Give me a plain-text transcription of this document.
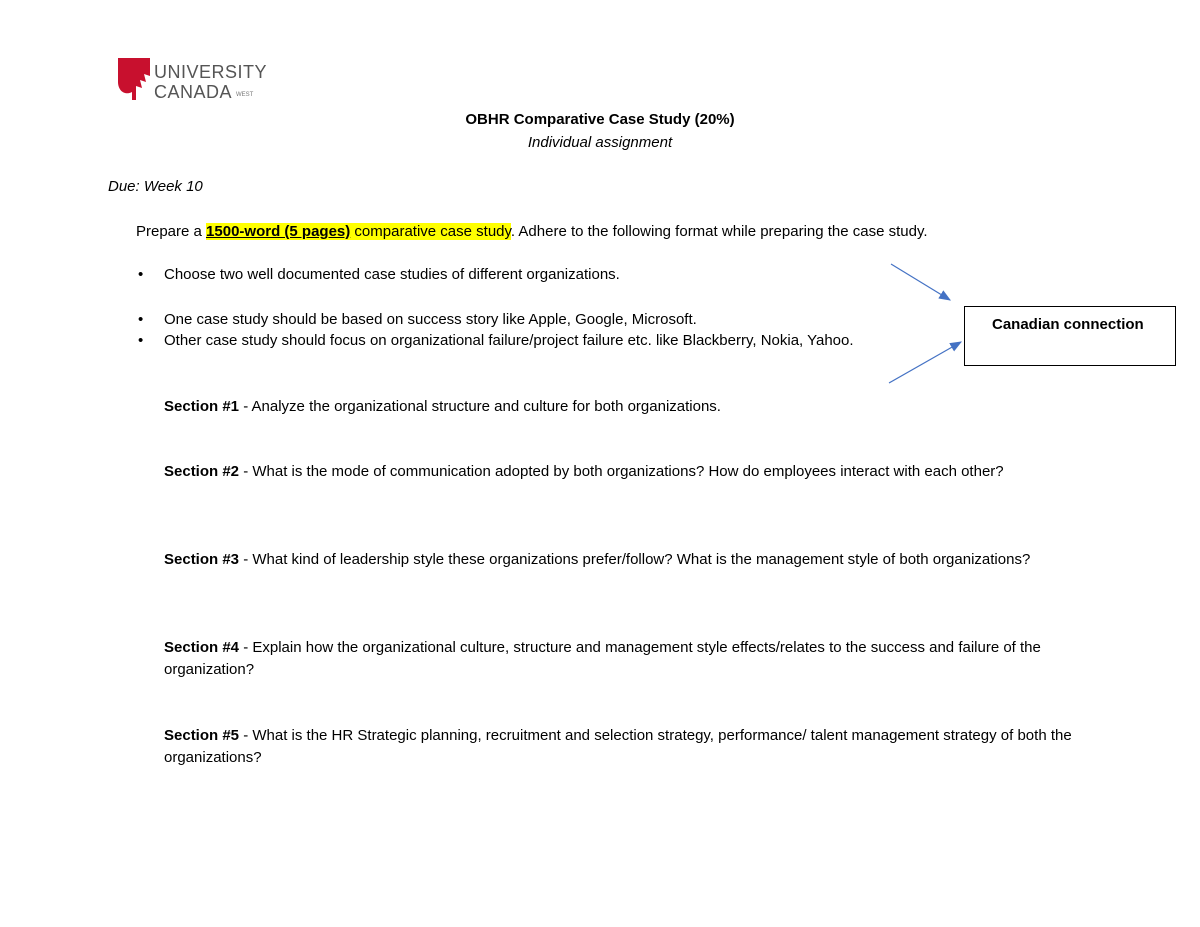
UNIVERSITY
CANADA WEST
OBHR Comparative Case Study (20%)
Individual assignment
Due: Week 10
Prepare a 1500-word (5 pages) comparative case study. Adhere to the following format while preparing the case study.
• Choose two well documented case studies of different organizations.
• One case study should be based on success story like Apple, Google, Microsoft.
• Other case study should focus on organizational failure/project failure etc. like Blackberry, Nokia, Yahoo.
Section #1 - Analyze the organizational structure and culture for both organizations.
Section #2 - What is the mode of communication adopted by both organizations? How do employees interact with each other?
Section #3 - What kind of leadership style these organizations prefer/follow? What is the management style of both organizations?
Section #4 - Explain how the organizational culture, structure and management style effects/relates to the success and failure of the organization?
Section #5 - What is the HR Strategic planning, recruitment and selection strategy, performance/ talent management strategy of both the organizations?
Canadian connection
